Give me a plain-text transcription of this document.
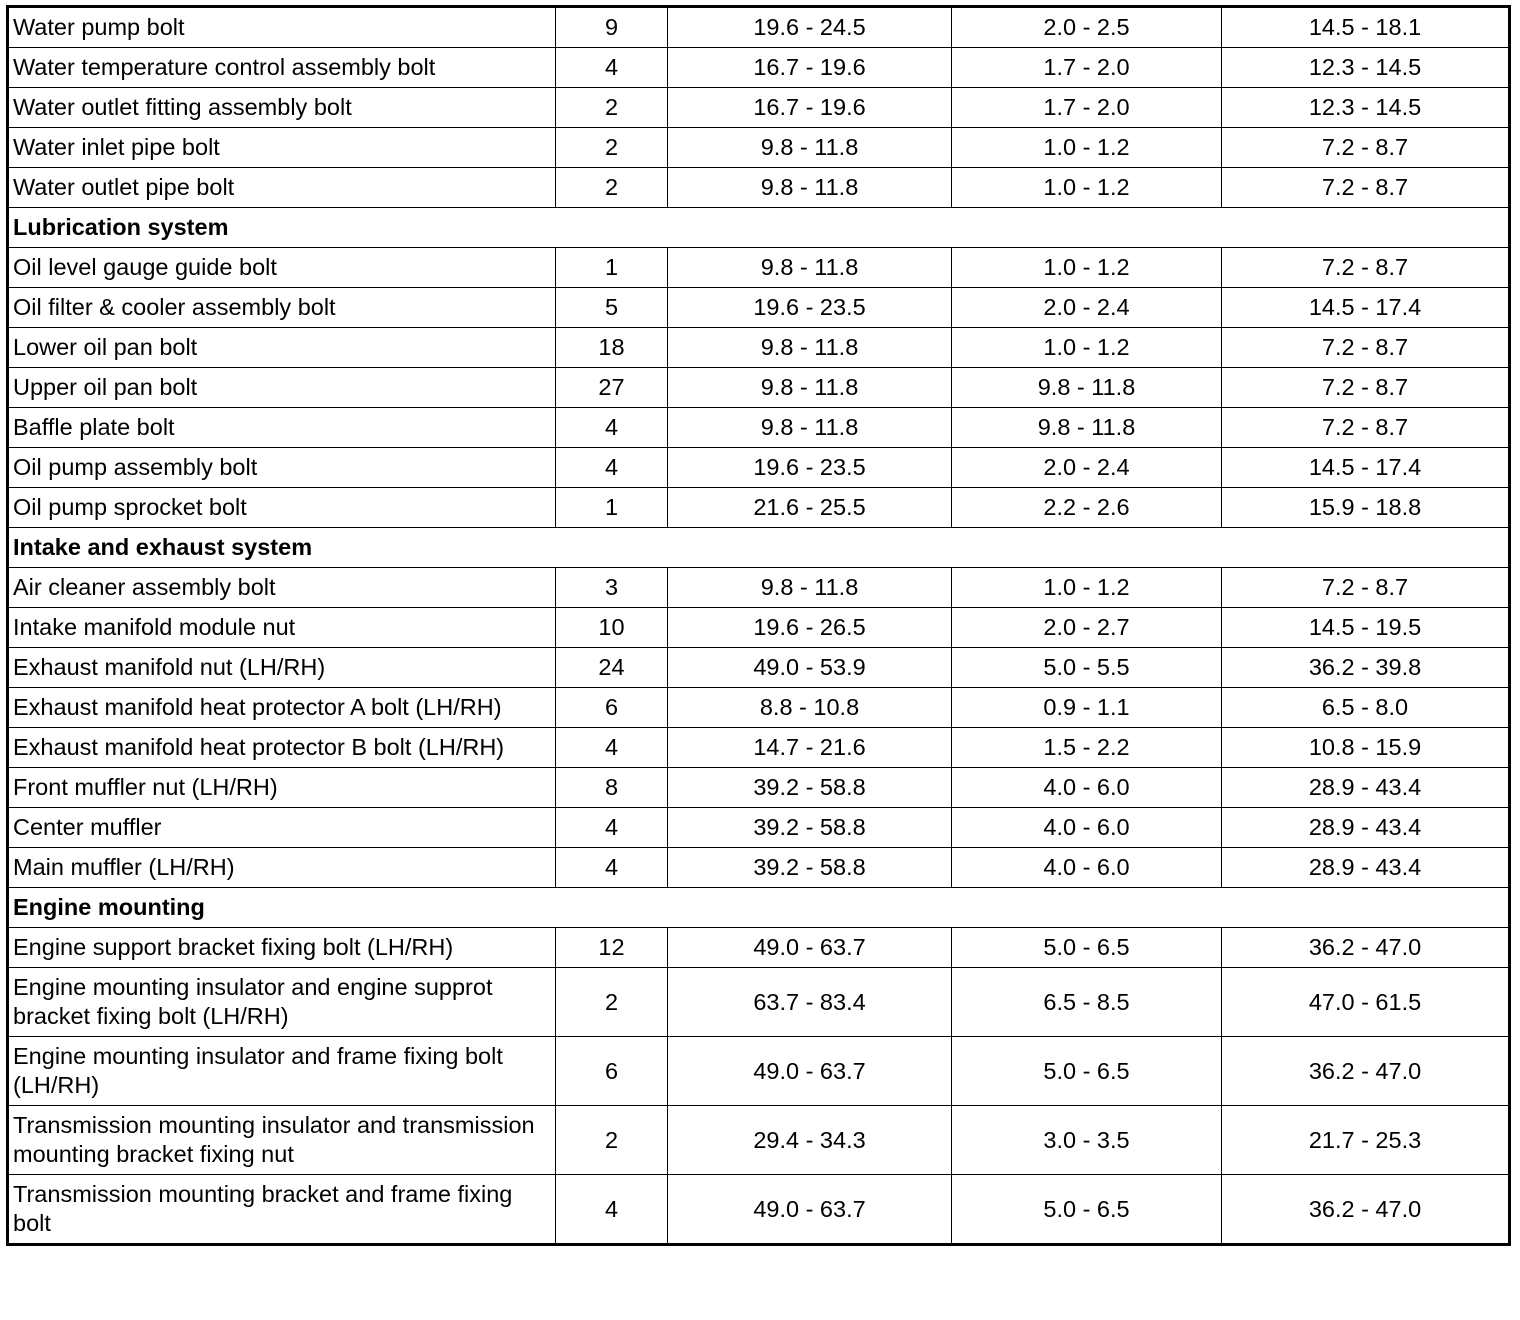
Water pump bolt	9	19.6 - 24.5	2.0 - 2.5	14.5 - 18.1
Water temperature control assembly bolt	4	16.7 - 19.6	1.7 - 2.0	12.3 - 14.5
Water outlet fitting assembly bolt	2	16.7 - 19.6	1.7 - 2.0	12.3 - 14.5
Water inlet pipe bolt	2	9.8 - 11.8	1.0 - 1.2	7.2 - 8.7
Water outlet pipe bolt	2	9.8 - 11.8	1.0 - 1.2	7.2 - 8.7
Lubrication system				
Oil level gauge guide bolt	1	9.8 - 11.8	1.0 - 1.2	7.2 - 8.7
Oil filter & cooler assembly bolt	5	19.6 - 23.5	2.0 - 2.4	14.5 - 17.4
Lower oil pan bolt	18	9.8 - 11.8	1.0 - 1.2	7.2 - 8.7
Upper oil pan bolt	27	9.8 - 11.8	9.8 - 11.8	7.2 - 8.7
Baffle plate bolt	4	9.8 - 11.8	9.8 - 11.8	7.2 - 8.7
Oil pump assembly bolt	4	19.6 - 23.5	2.0 - 2.4	14.5 - 17.4
Oil pump sprocket bolt	1	21.6 - 25.5	2.2 - 2.6	15.9 - 18.8
Intake and exhaust system				
Air cleaner assembly bolt	3	9.8 - 11.8	1.0 - 1.2	7.2 - 8.7
Intake manifold module nut	10	19.6 - 26.5	2.0 - 2.7	14.5 - 19.5
Exhaust manifold nut (LH/RH)	24	49.0 - 53.9	5.0 - 5.5	36.2 - 39.8
Exhaust manifold heat protector A bolt (LH/RH)	6	8.8 - 10.8	0.9 - 1.1	6.5 - 8.0
Exhaust manifold heat protector B bolt (LH/RH)	4	14.7 - 21.6	1.5 - 2.2	10.8 - 15.9
Front muffler nut (LH/RH)	8	39.2 - 58.8	4.0 - 6.0	28.9 - 43.4
Center muffler	4	39.2 - 58.8	4.0 - 6.0	28.9 - 43.4
Main muffler (LH/RH)	4	39.2 - 58.8	4.0 - 6.0	28.9 - 43.4
Engine mounting				
Engine support bracket fixing bolt (LH/RH)	12	49.0 - 63.7	5.0 - 6.5	36.2 - 47.0
Engine mounting insulator and engine supprot bracket fixing bolt (LH/RH)	2	63.7 - 83.4	6.5 - 8.5	47.0 - 61.5
Engine mounting insulator and frame fixing bolt (LH/RH)	6	49.0 - 63.7	5.0 - 6.5	36.2 - 47.0
Transmission mounting insulator and transmission mounting bracket fixing nut	2	29.4 - 34.3	3.0 - 3.5	21.7 - 25.3
Transmission mounting bracket and frame fixing bolt	4	49.0 - 63.7	5.0 - 6.5	36.2 - 47.0
